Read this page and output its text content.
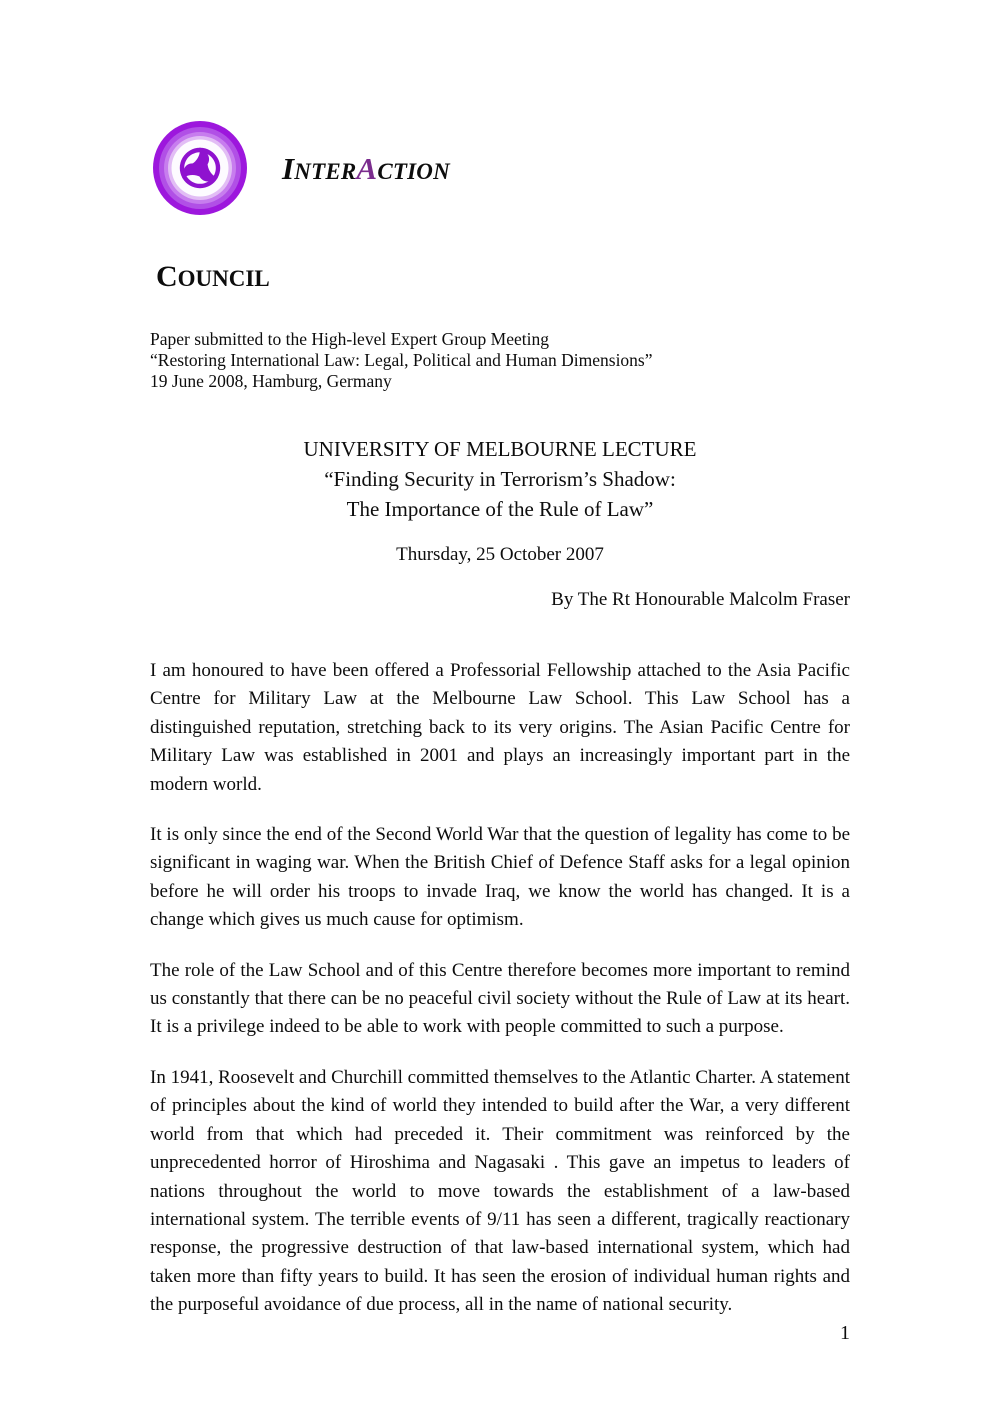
INTERACTION
COUNCIL
Paper submitted to the High-level Expert Group Meeting
“Restoring International Law: Legal, Political and Human Dimensions”
19 June 2008, Hamburg, Germany
UNIVERSITY OF MELBOURNE LECTURE
“Finding Security in Terrorism’s Shadow:
The Importance of the Rule of Law”
Thursday, 25 October 2007
By The Rt Honourable Malcolm Fraser

I am honoured to have been offered a Professorial Fellowship attached to the Asia Pacific Centre for Military Law at the Melbourne Law School. This Law School has a distinguished reputation, stretching back to its very origins. The Asian Pacific Centre for Military Law was established in 2001 and plays an increasingly important part in the modern world.

It is only since the end of the Second World War that the question of legality has come to be significant in waging war. When the British Chief of Defence Staff asks for a legal opinion before he will order his troops to invade Iraq, we know the world has changed. It is a change which gives us much cause for optimism.

The role of the Law School and of this Centre therefore becomes more important to remind us constantly that there can be no peaceful civil society without the Rule of Law at its heart. It is a privilege indeed to be able to work with people committed to such a purpose.

In 1941, Roosevelt and Churchill committed themselves to the Atlantic Charter. A statement of principles about the kind of world they intended to build after the War, a very different world from that which had preceded it. Their commitment was reinforced by the unprecedented horror of Hiroshima and Nagasaki . This gave an impetus to leaders of nations throughout the world to move towards the establishment of a law-based international system. The terrible events of 9/11 has seen a different, tragically reactionary response, the progressive destruction of that law-based international system, which had taken more than fifty years to build. It has seen the erosion of individual human rights and the purposeful avoidance of due process, all in the name of national security.

1
